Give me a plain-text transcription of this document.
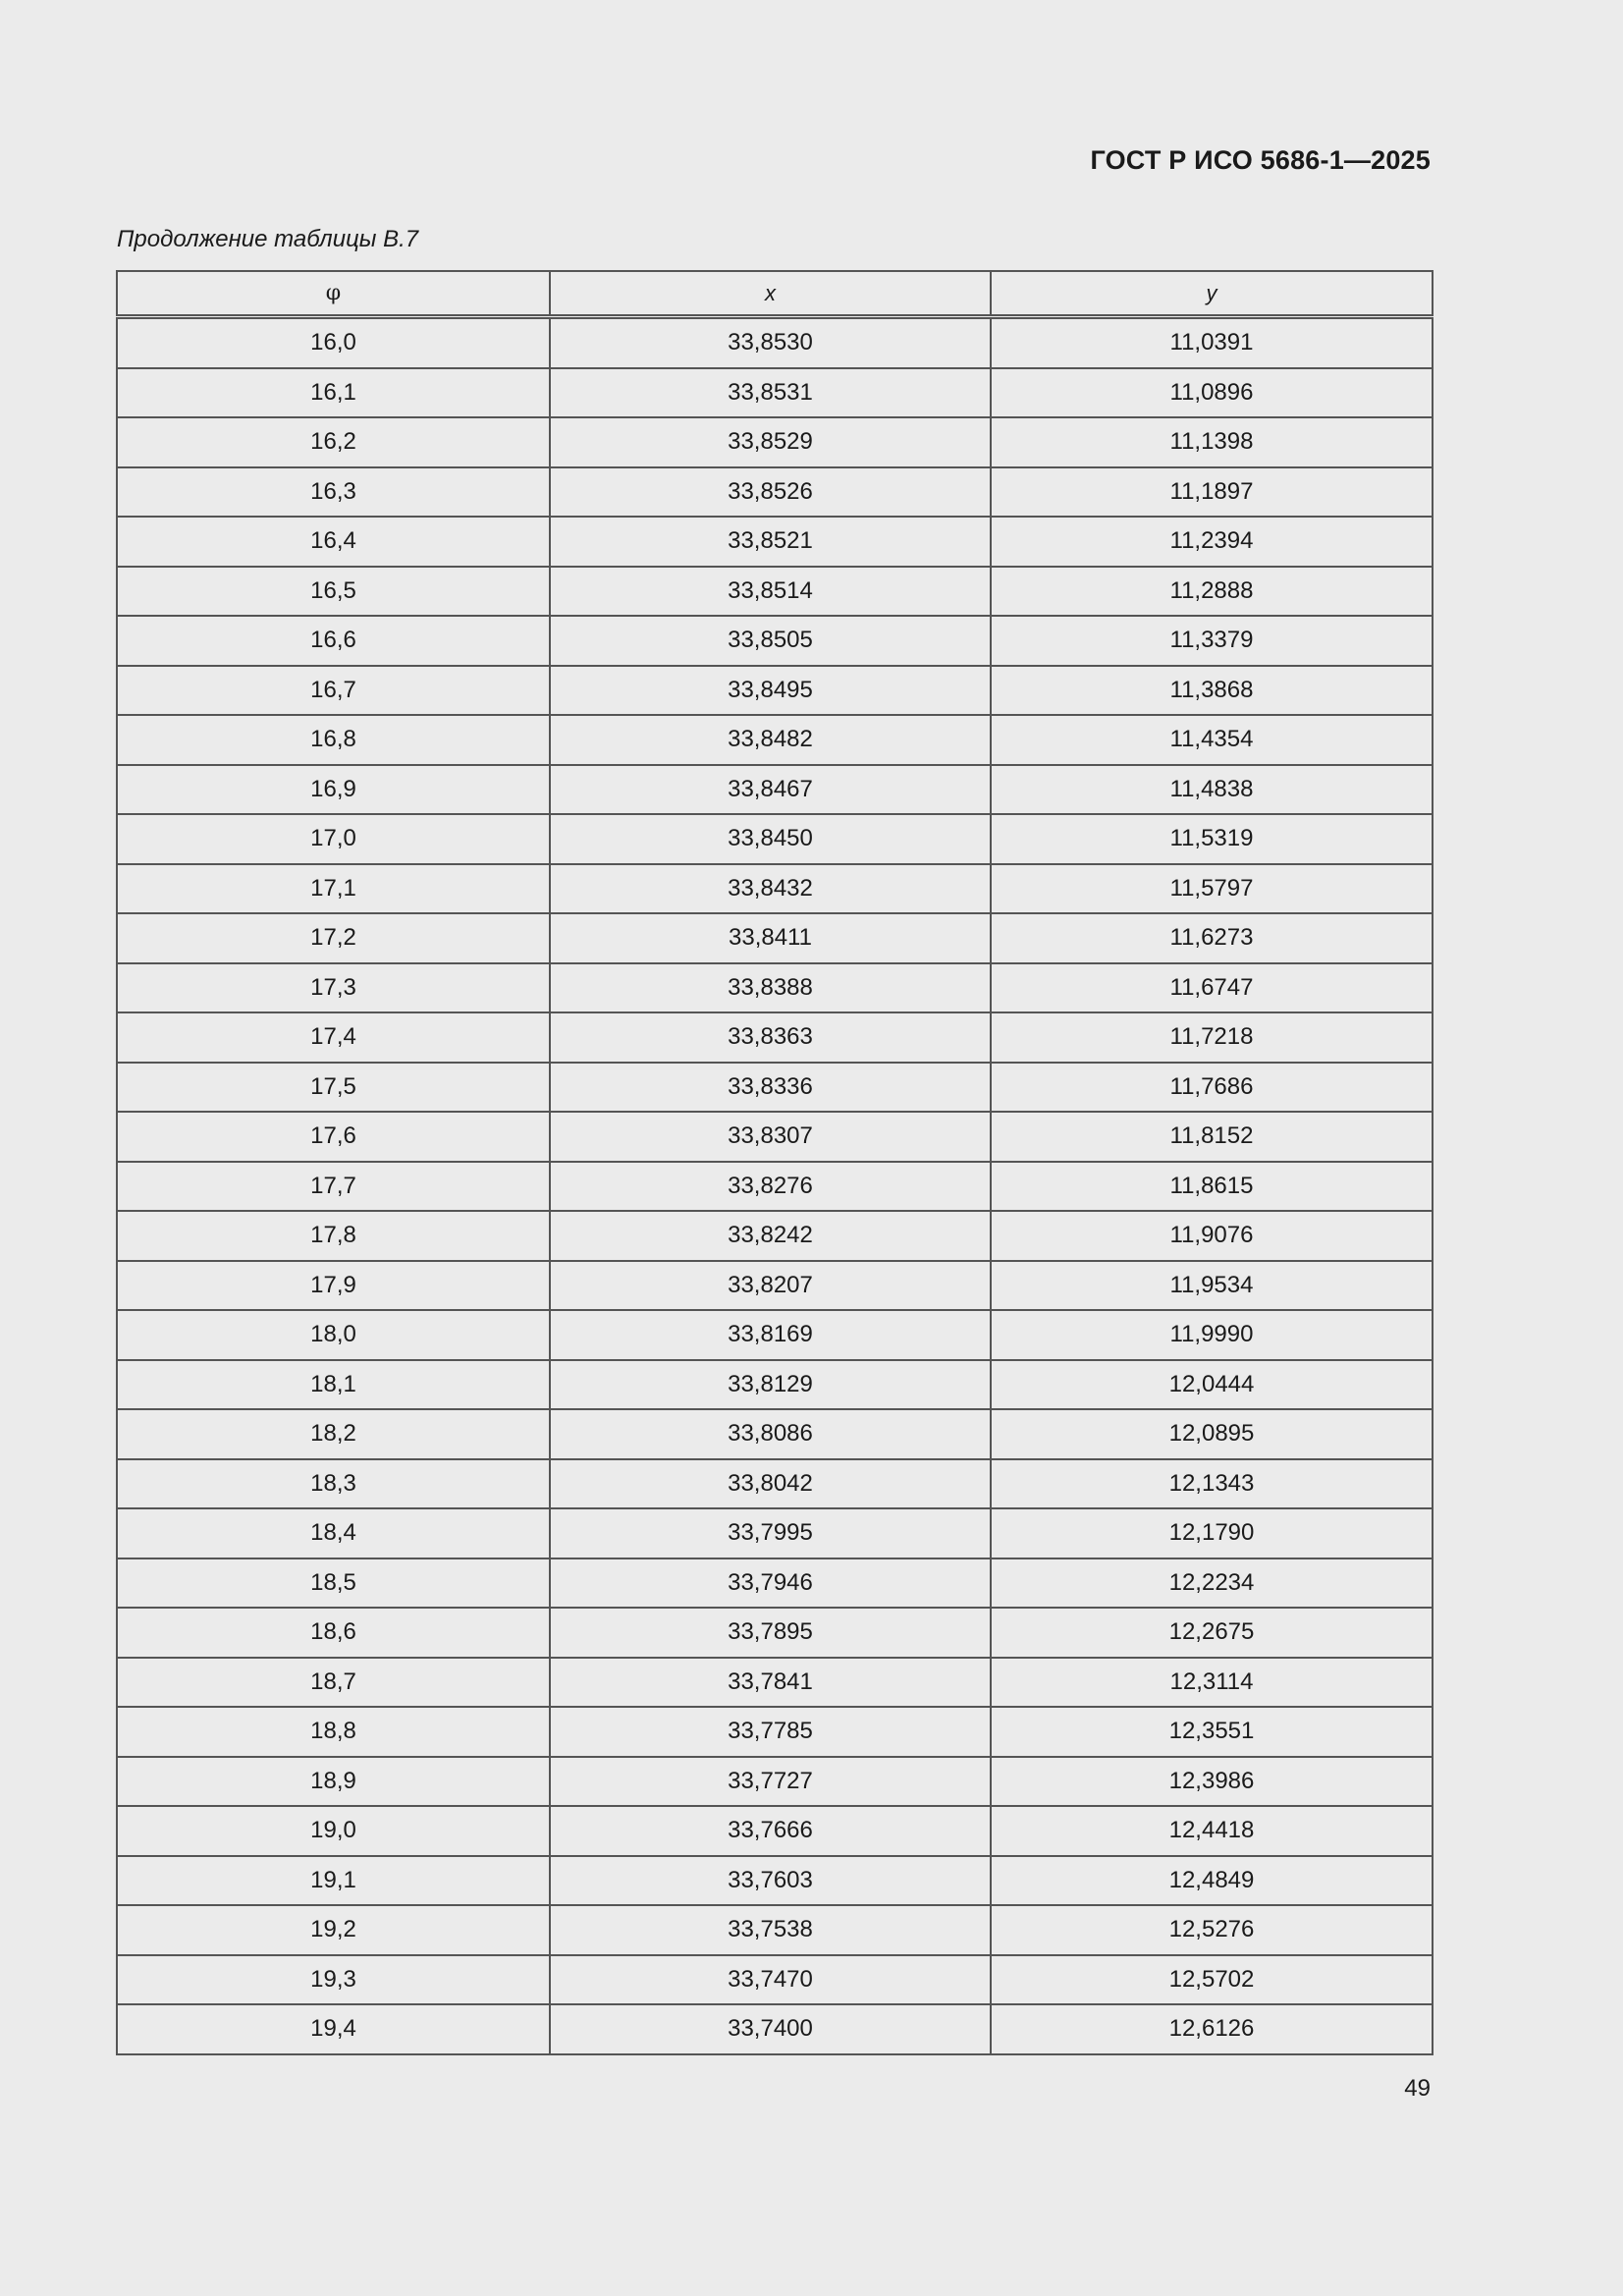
ГОСТ Р ИСО 5686-1—2025
Продолжение таблицы В.7
φ	x	y
16,0	33,8530	11,0391
16,1	33,8531	11,0896
16,2	33,8529	11,1398
16,3	33,8526	11,1897
16,4	33,8521	11,2394
16,5	33,8514	11,2888
16,6	33,8505	11,3379
16,7	33,8495	11,3868
16,8	33,8482	11,4354
16,9	33,8467	11,4838
17,0	33,8450	11,5319
17,1	33,8432	11,5797
17,2	33,8411	11,6273
17,3	33,8388	11,6747
17,4	33,8363	11,7218
17,5	33,8336	11,7686
17,6	33,8307	11,8152
17,7	33,8276	11,8615
17,8	33,8242	11,9076
17,9	33,8207	11,9534
18,0	33,8169	11,9990
18,1	33,8129	12,0444
18,2	33,8086	12,0895
18,3	33,8042	12,1343
18,4	33,7995	12,1790
18,5	33,7946	12,2234
18,6	33,7895	12,2675
18,7	33,7841	12,3114
18,8	33,7785	12,3551
18,9	33,7727	12,3986
19,0	33,7666	12,4418
19,1	33,7603	12,4849
19,2	33,7538	12,5276
19,3	33,7470	12,5702
19,4	33,7400	12,6126
49
